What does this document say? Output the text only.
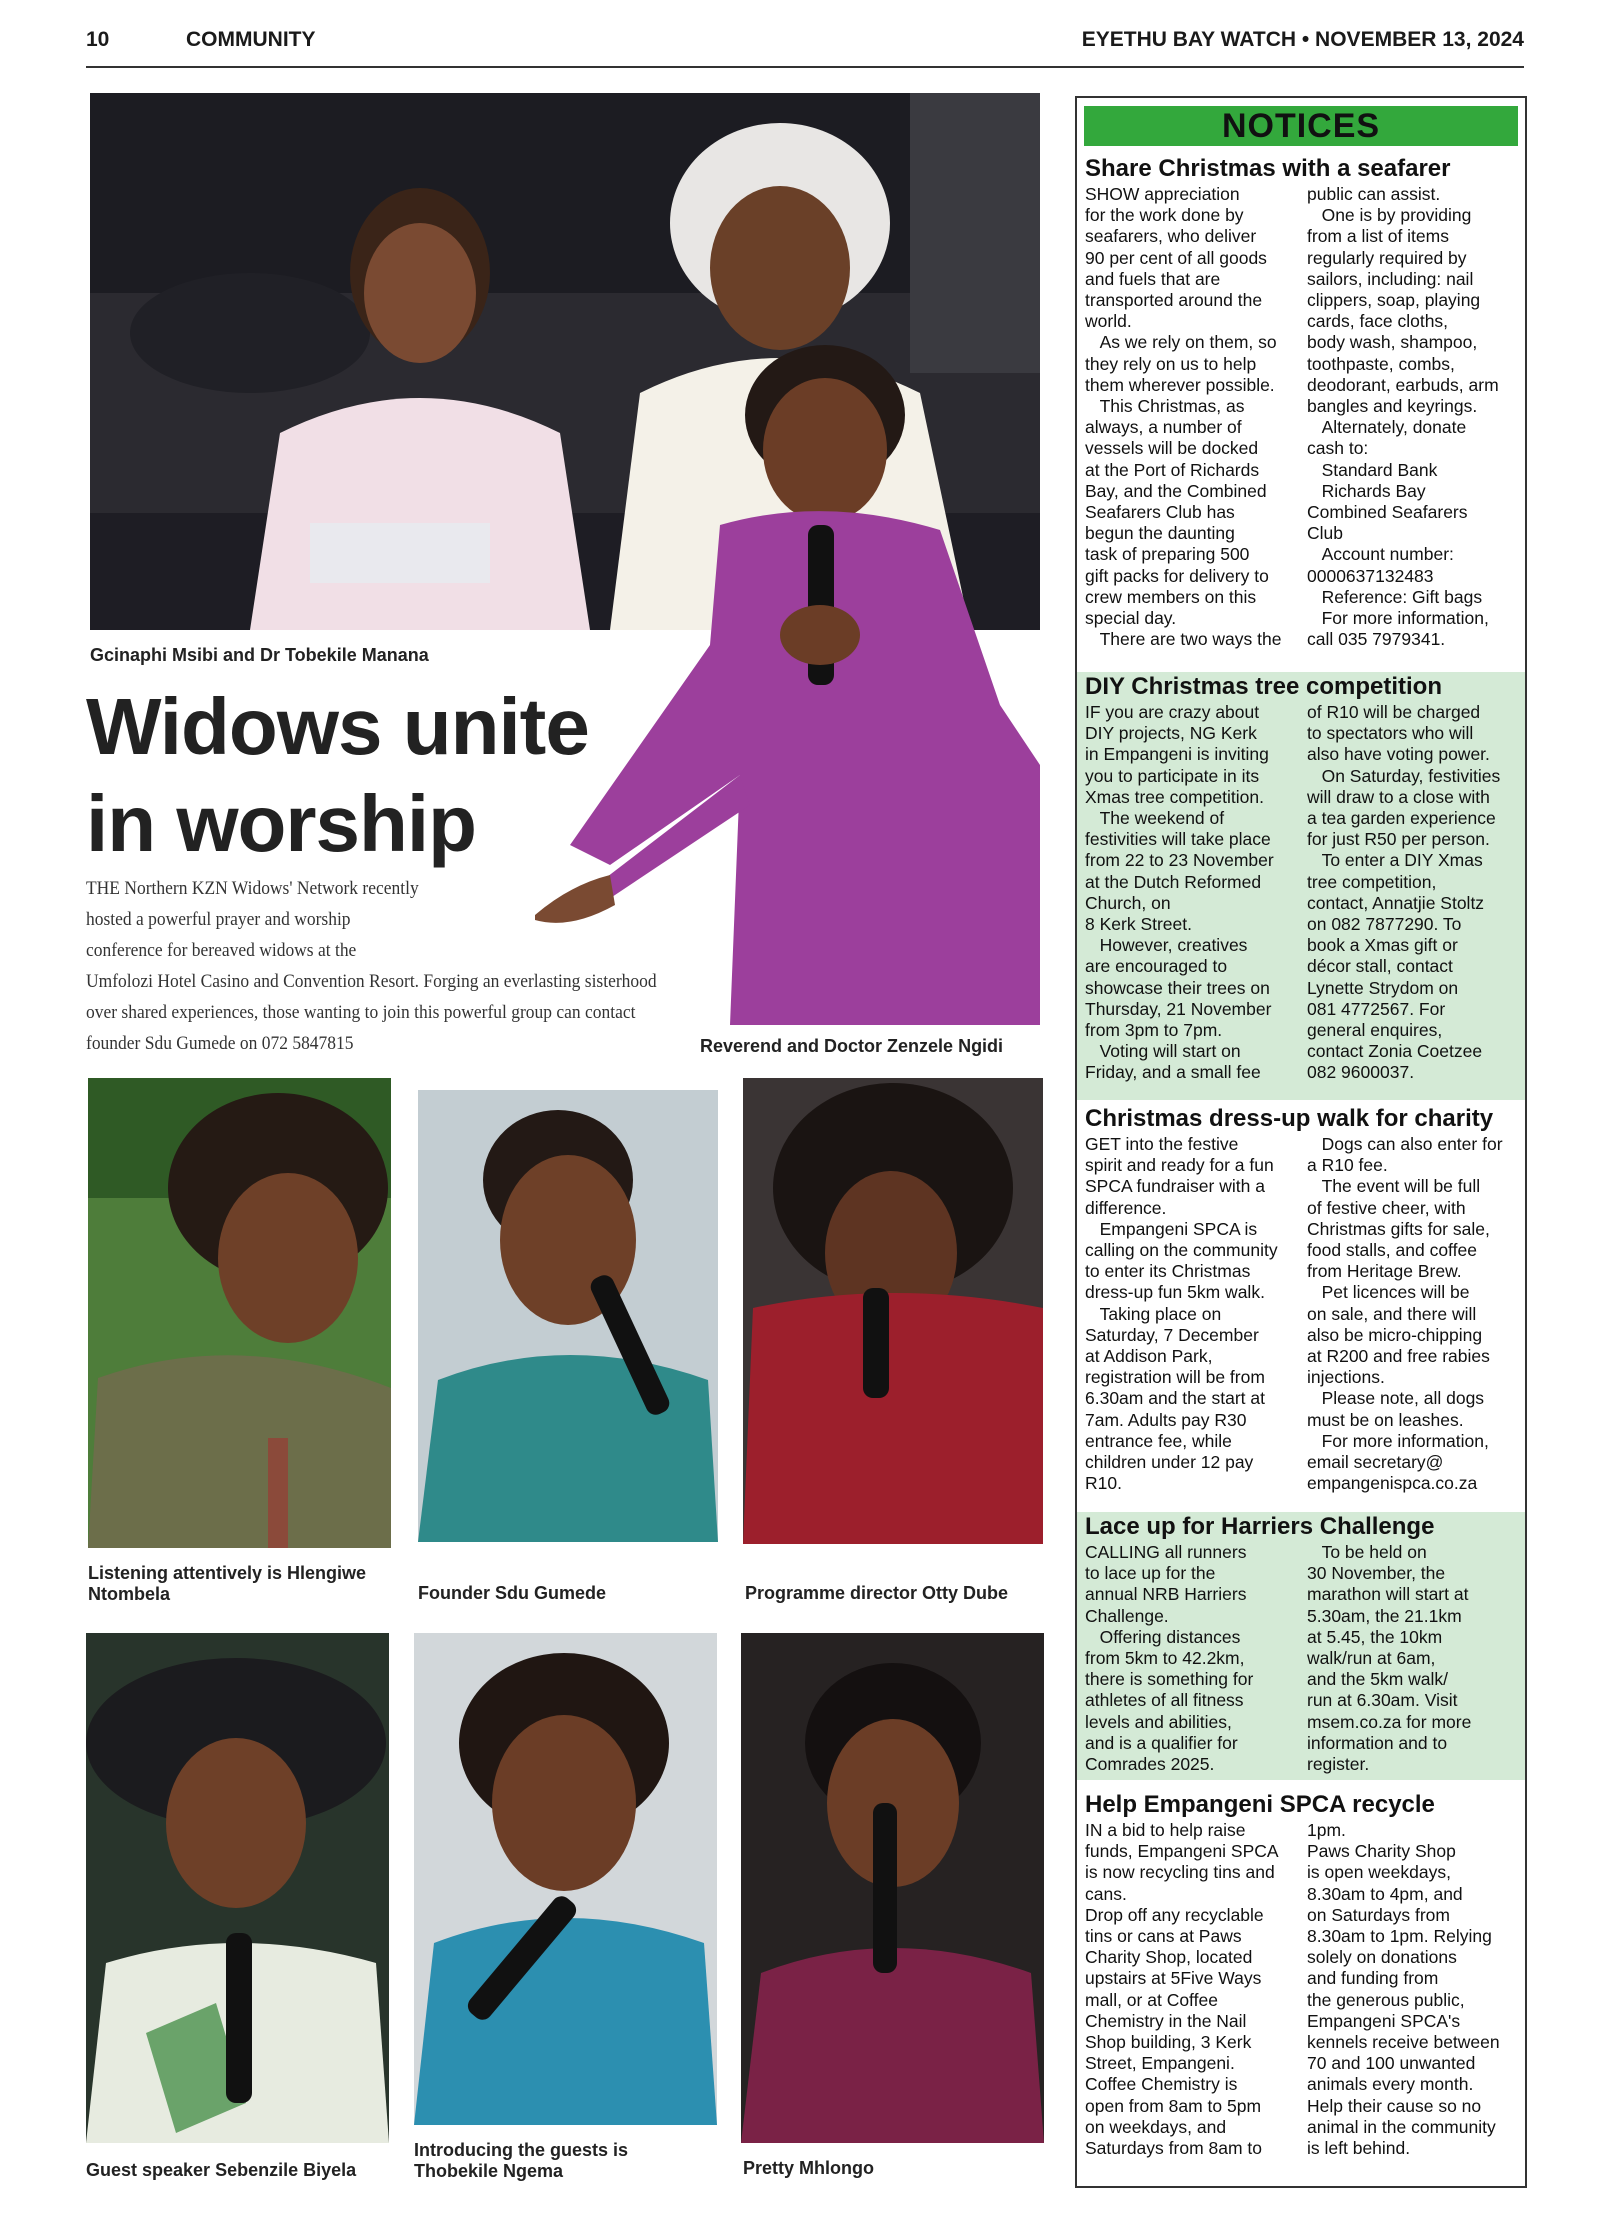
10	COMMUNITY	EYETHU BAY WATCH • NOVEMBER 13, 2024
Gcinaphi Msibi and Dr Tobekile Manana
Reverend and Doctor Zenzele Ngidi
Widows unite
in worship
THE Northern KZN Widows' Network recently
hosted a powerful prayer and worship
conference for bereaved widows at the
Umfolozi Hotel Casino and Convention Resort. Forging an everlasting sisterhood
over shared experiences, those wanting to join this powerful group can contact
founder Sdu Gumede on 072 5847815
Listening attentively is Hlengiwe Ntombela	Founder Sdu Gumede	Programme director Otty Dube
Guest speaker Sebenzile Biyela
Introducing the guests is Thobekile Ngema	Pretty Mhlongo
NOTICES
Share Christmas with a seafarer

SHOW appreciation

for the work done by

seafarers, who deliver

90 per cent of all goods

and fuels that are

transported around the

world.

As we rely on them, so

they rely on us to help

them wherever possible.

This Christmas, as

always, a number of

vessels will be docked

at the Port of Richards

Bay, and the Combined

Seafarers Club has

begun the daunting

task of preparing 500

gift packs for delivery to

crew members on this

special day.

There are two ways the

public can assist.

One is by providing

from a list of items

regularly required by

sailors, including: nail

clippers, soap, playing

cards, face cloths,

body wash, shampoo,

toothpaste, combs,

deodorant, earbuds, arm

bangles and keyrings.

Alternately, donate

cash to:

Standard Bank

Richards Bay

Combined Seafarers

Club

Account number:

0000637132483

Reference: Gift bags

For more information,

call 035 7979341.

DIY Christmas tree competition

IF you are crazy about

DIY projects, NG Kerk

in Empangeni is inviting

you to participate in its

Xmas tree competition.

The weekend of

festivities will take place

from 22 to 23 November

at the Dutch Reformed

Church, on

8 Kerk Street.

However, creatives

are encouraged to

showcase their trees on

Thursday, 21 November

from 3pm to 7pm.

Voting will start on

Friday, and a small fee

of R10 will be charged

to spectators who will

also have voting power.

On Saturday, festivities

will draw to a close with

a tea garden experience

for just R50 per person.

To enter a DIY Xmas

tree competition,

contact, Annatjie Stoltz

on 082 7877290. To

book a Xmas gift or

décor stall, contact

Lynette Strydom on

081 4772567. For

general enquires,

contact Zonia Coetzee

082 9600037.

Christmas dress-up walk for charity

GET into the festive

spirit and ready for a fun

SPCA fundraiser with a

difference.

Empangeni SPCA is

calling on the community

to enter its Christmas

dress-up fun 5km walk.

Taking place on

Saturday, 7 December

at Addison Park,

registration will be from

6.30am and the start at

7am. Adults pay R30

entrance fee, while

children under 12 pay

R10.

Dogs can also enter for

a R10 fee.

The event will be full

of festive cheer, with

Christmas gifts for sale,

food stalls, and coffee

from Heritage Brew.

Pet licences will be

on sale, and there will

also be micro-chipping

at R200 and free rabies

injections.

Please note, all dogs

must be on leashes.

For more information,

email secretary@

empangenispca.co.za

Lace up for Harriers Challenge

CALLING all runners

to lace up for the

annual NRB Harriers

Challenge.

Offering distances

from 5km to 42.2km,

there is something for

athletes of all fitness

levels and abilities,

and is a qualifier for

Comrades 2025.

To be held on

30 November, the

marathon will start at

5.30am, the 21.1km

at 5.45, the 10km

walk/run at 6am,

and the 5km walk/

run at 6.30am. Visit

msem.co.za for more

information and to

register.

Help Empangeni SPCA recycle

IN a bid to help raise

funds, Empangeni SPCA

is now recycling tins and

cans.

Drop off any recyclable

tins or cans at Paws

Charity Shop, located

upstairs at 5Five Ways

mall, or at Coffee

Chemistry in the Nail

Shop building, 3 Kerk

Street, Empangeni.

Coffee Chemistry is

open from 8am to 5pm

on weekdays, and

Saturdays from 8am to

1pm.

Paws Charity Shop

is open weekdays,

8.30am to 4pm, and

on Saturdays from

8.30am to 1pm. Relying

solely on donations

and funding from

the generous public,

Empangeni SPCA's

kennels receive between

70 and 100 unwanted

animals every month.

Help their cause so no

animal in the community

is left behind.
